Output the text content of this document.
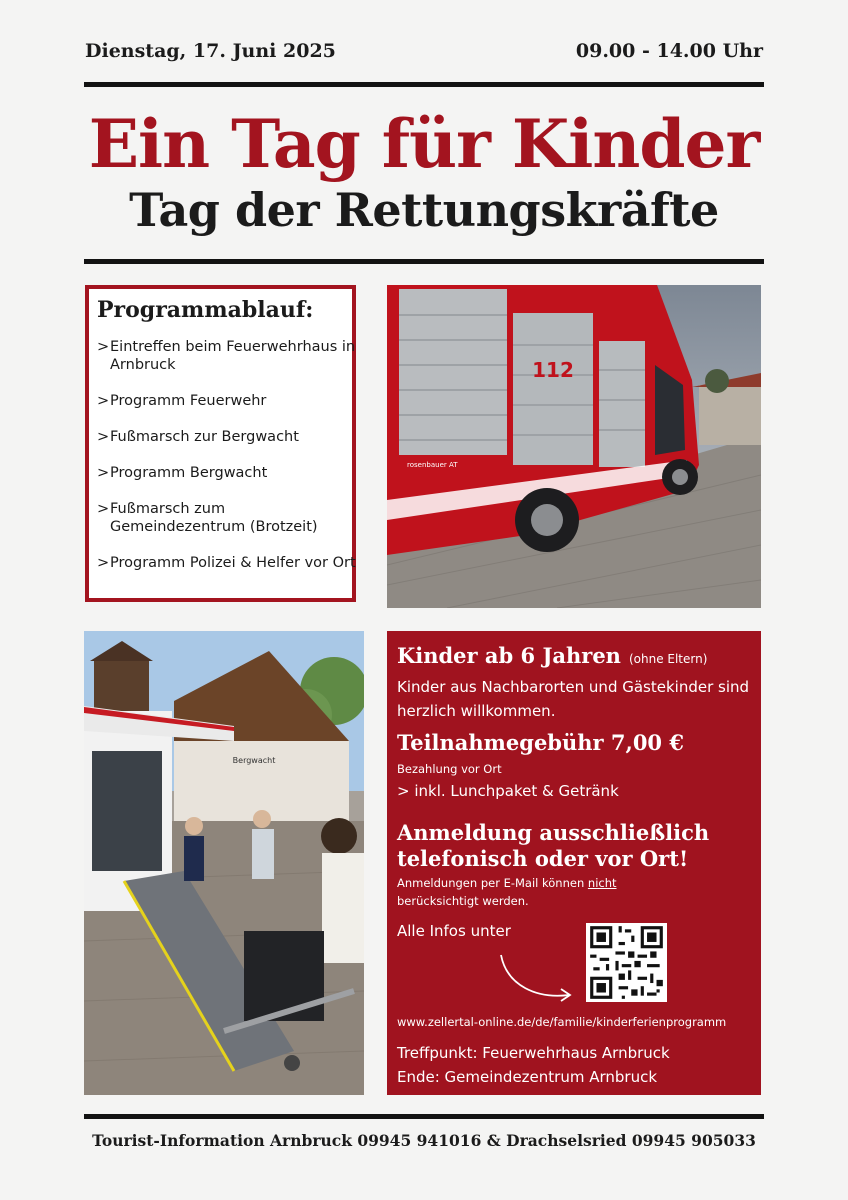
Dienstag, 17. Juni 2025	09.00 - 14.00 Uhr
Ein Tag für Kinder
Tag der Rettungskräfte
Programmablauf:
> Eintreffen beim Feuerwehrhaus in Arnbruck
> Programm Feuerwehr
> Fußmarsch zur Bergwacht
> Programm Bergwacht
> Fußmarsch zum Gemeindezentrum (Brotzeit)
> Programm Polizei & Helfer vor Ort
112
rosenbauer AT
Bergwacht
Kinder ab 6 Jahren (ohne Eltern)
Kinder aus Nachbarorten und Gästekinder sind herzlich willkommen.
Teilnahmegebühr 7,00 €
Bezahlung vor Ort
> inkl. Lunchpaket & Getränk
Anmeldung ausschließlich telefonisch oder vor Ort!
Anmeldungen per E-Mail können nicht berücksichtigt werden.
Alle Infos unter
www.zellertal-online.de/de/familie/kinderferienprogramm
Treffpunkt: Feuerwehrhaus Arnbruck
Ende: Gemeindezentrum Arnbruck
Tourist-Information Arnbruck 09945 941016 & Drachselsried 09945 905033
